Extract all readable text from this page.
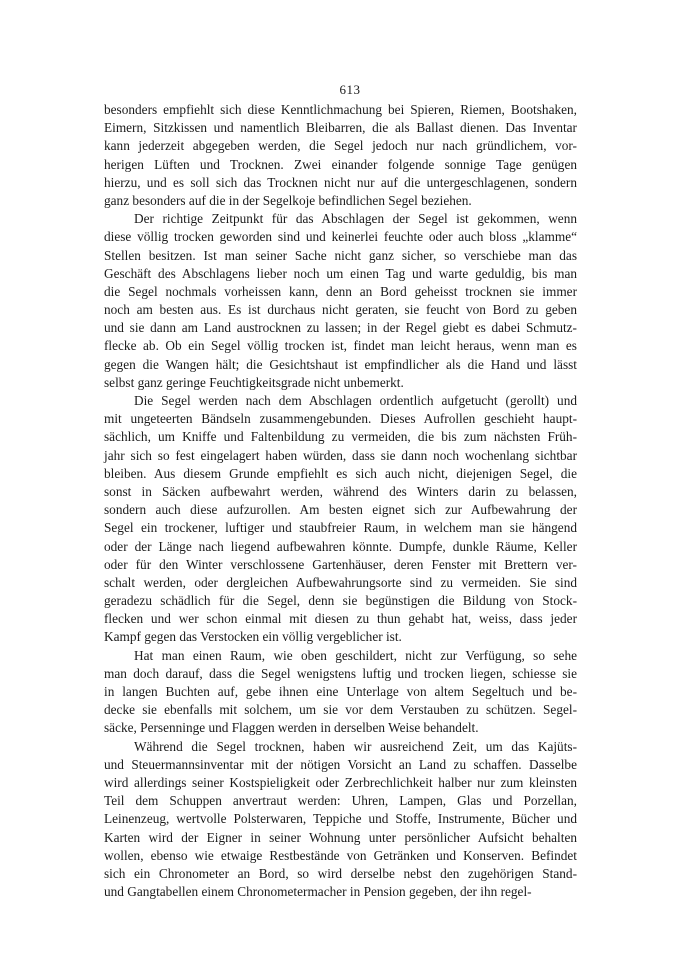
613
besonders empfiehlt sich diese Kenntlichmachung bei Spieren, Riemen, Bootshaken,
Eimern, Sitzkissen und namentlich Bleibarren, die als Ballast dienen. Das Inventar
kann jederzeit abgegeben werden, die Segel jedoch nur nach gründlichem, vor-
herigen Lüften und Trocknen. Zwei einander folgende sonnige Tage genügen
hierzu, und es soll sich das Trocknen nicht nur auf die untergeschlagenen, sondern
ganz besonders auf die in der Segelkoje befindlichen Segel beziehen.
Der richtige Zeitpunkt für das Abschlagen der Segel ist gekommen, wenn
diese völlig trocken geworden sind und keinerlei feuchte oder auch bloss „klamme“
Stellen besitzen. Ist man seiner Sache nicht ganz sicher, so verschiebe man das
Geschäft des Abschlagens lieber noch um einen Tag und warte geduldig, bis man
die Segel nochmals vorheissen kann, denn an Bord geheisst trocknen sie immer
noch am besten aus. Es ist durchaus nicht geraten, sie feucht von Bord zu geben
und sie dann am Land austrocknen zu lassen; in der Regel giebt es dabei Schmutz-
flecke ab. Ob ein Segel völlig trocken ist, findet man leicht heraus, wenn man es
gegen die Wangen hält; die Gesichtshaut ist empfindlicher als die Hand und lässt
selbst ganz geringe Feuchtigkeitsgrade nicht unbemerkt.
Die Segel werden nach dem Abschlagen ordentlich aufgetucht (gerollt) und
mit ungeteerten Bändseln zusammengebunden. Dieses Aufrollen geschieht haupt-
sächlich, um Kniffe und Faltenbildung zu vermeiden, die bis zum nächsten Früh-
jahr sich so fest eingelagert haben würden, dass sie dann noch wochenlang sichtbar
bleiben. Aus diesem Grunde empfiehlt es sich auch nicht, diejenigen Segel, die
sonst in Säcken aufbewahrt werden, während des Winters darin zu belassen,
sondern auch diese aufzurollen. Am besten eignet sich zur Aufbewahrung der
Segel ein trockener, luftiger und staubfreier Raum, in welchem man sie hängend
oder der Länge nach liegend aufbewahren könnte. Dumpfe, dunkle Räume, Keller
oder für den Winter verschlossene Gartenhäuser, deren Fenster mit Brettern ver-
schalt werden, oder dergleichen Aufbewahrungsorte sind zu vermeiden. Sie sind
geradezu schädlich für die Segel, denn sie begünstigen die Bildung von Stock-
flecken und wer schon einmal mit diesen zu thun gehabt hat, weiss, dass jeder
Kampf gegen das Verstocken ein völlig vergeblicher ist.
Hat man einen Raum, wie oben geschildert, nicht zur Verfügung, so sehe
man doch darauf, dass die Segel wenigstens luftig und trocken liegen, schiesse sie
in langen Buchten auf, gebe ihnen eine Unterlage von altem Segeltuch und be-
decke sie ebenfalls mit solchem, um sie vor dem Verstauben zu schützen. Segel-
säcke, Persenninge und Flaggen werden in derselben Weise behandelt.
Während die Segel trocknen, haben wir ausreichend Zeit, um das Kajüts-
und Steuermannsinventar mit der nötigen Vorsicht an Land zu schaffen. Dasselbe
wird allerdings seiner Kostspieligkeit oder Zerbrechlichkeit halber nur zum kleinsten
Teil dem Schuppen anvertraut werden: Uhren, Lampen, Glas und Porzellan,
Leinenzeug, wertvolle Polsterwaren, Teppiche und Stoffe, Instrumente, Bücher und
Karten wird der Eigner in seiner Wohnung unter persönlicher Aufsicht behalten
wollen, ebenso wie etwaige Restbestände von Getränken und Konserven. Befindet
sich ein Chronometer an Bord, so wird derselbe nebst den zugehörigen Stand-
und Gangtabellen einem Chronometermacher in Pension gegeben, der ihn regel-
